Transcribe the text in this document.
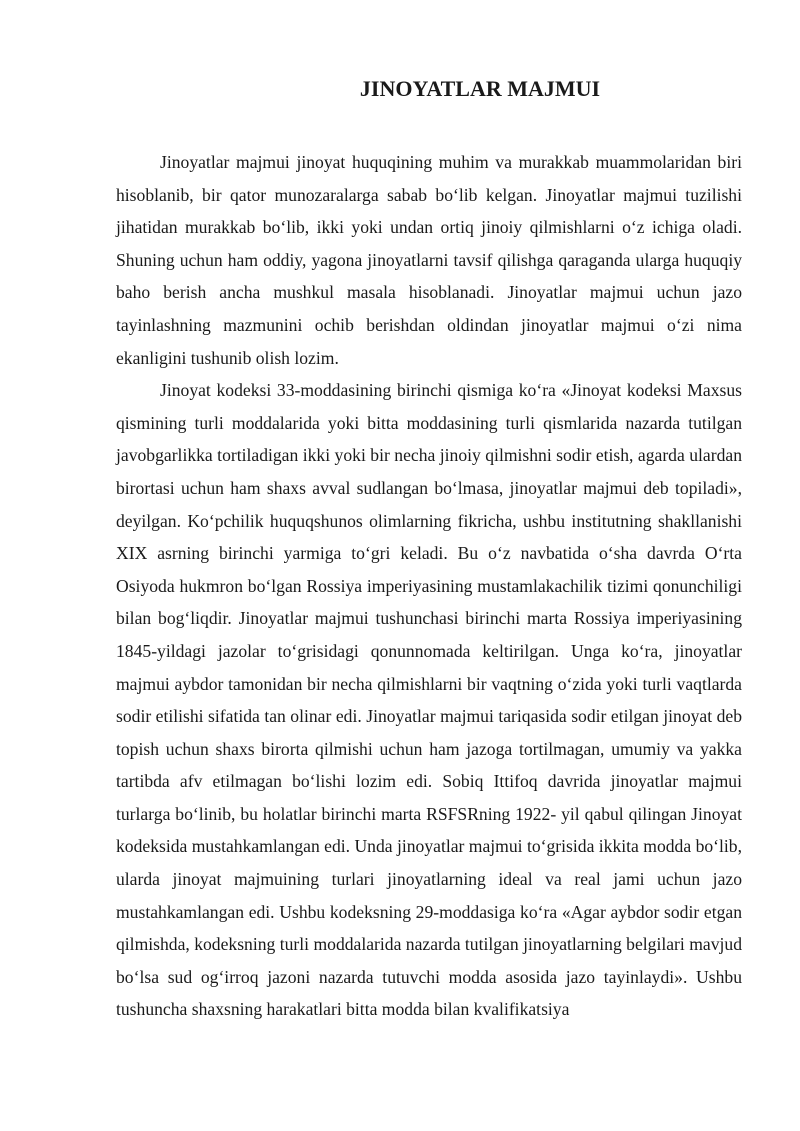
JINOYATLAR MAJMUI

Jinoyatlar majmui jinoyat huquqining muhim va murakkab muammolaridan biri hisoblanib, bir qator munozaralarga sabab bo‘lib kelgan. Jinoyatlar majmui tuzilishi jihatidan murakkab bo‘lib, ikki yoki undan ortiq jinoiy qilmishlarni o‘z ichiga oladi. Shuning uchun ham oddiy, yagona jinoyatlarni tavsif qilishga qaraganda ularga huquqiy baho berish ancha mushkul masala hisoblanadi. Jinoyatlar majmui uchun jazo tayinlashning mazmunini ochib berishdan oldindan jinoyatlar majmui o‘zi nima ekanligini tushunib olish lozim.

Jinoyat kodeksi 33-moddasining birinchi qismiga ko‘ra «Jinoyat kodeksi Maxsus qismining turli moddalarida yoki bitta moddasining turli qismlarida nazarda tutilgan javobgarlikka tortiladigan ikki yoki bir necha jinoiy qilmishni sodir etish, agarda ulardan birortasi uchun ham shaxs avval sudlangan bo‘lmasa, jinoyatlar majmui deb topiladi», deyilgan. Ko‘pchilik huquqshunos olimlarning fikricha, ushbu institutning shakllanishi XIX asrning birinchi yarmiga to‘gri keladi. Bu o‘z navbatida o‘sha davrda O‘rta Osiyoda hukmron bo‘lgan Rossiya imperiyasining mustamlakachilik tizimi qonunchiligi bilan bog‘liqdir. Jinoyatlar majmui tushunchasi birinchi marta Rossiya imperiyasining 1845-yildagi jazolar to‘grisidagi qonunnomada keltirilgan. Unga ko‘ra, jinoyatlar majmui aybdor tamonidan bir necha qilmishlarni bir vaqtning o‘zida yoki turli vaqtlarda sodir etilishi sifatida tan olinar edi. Jinoyatlar majmui tariqasida sodir etilgan jinoyat deb topish uchun shaxs birorta qilmishi uchun ham jazoga tortilmagan, umumiy va yakka tartibda afv etilmagan bo‘lishi lozim edi. Sobiq Ittifoq davrida jinoyatlar majmui turlarga bo‘linib, bu holatlar birinchi marta RSFSRning 1922- yil qabul qilingan Jinoyat kodeksida mustahkamlangan edi. Unda jinoyatlar majmui to‘grisida ikkita modda bo‘lib, ularda jinoyat majmuining turlari jinoyatlarning ideal va real jami uchun jazo mustahkamlangan edi. Ushbu kodeksning 29-moddasiga ko‘ra «Agar aybdor sodir etgan qilmishda, kodeksning turli moddalarida nazarda tutilgan jinoyatlarning belgilari mavjud bo‘lsa sud og‘irroq jazoni nazarda tutuvchi modda asosida jazo tayinlaydi». Ushbu tushuncha shaxsning harakatlari bitta modda bilan kvalifikatsiya
